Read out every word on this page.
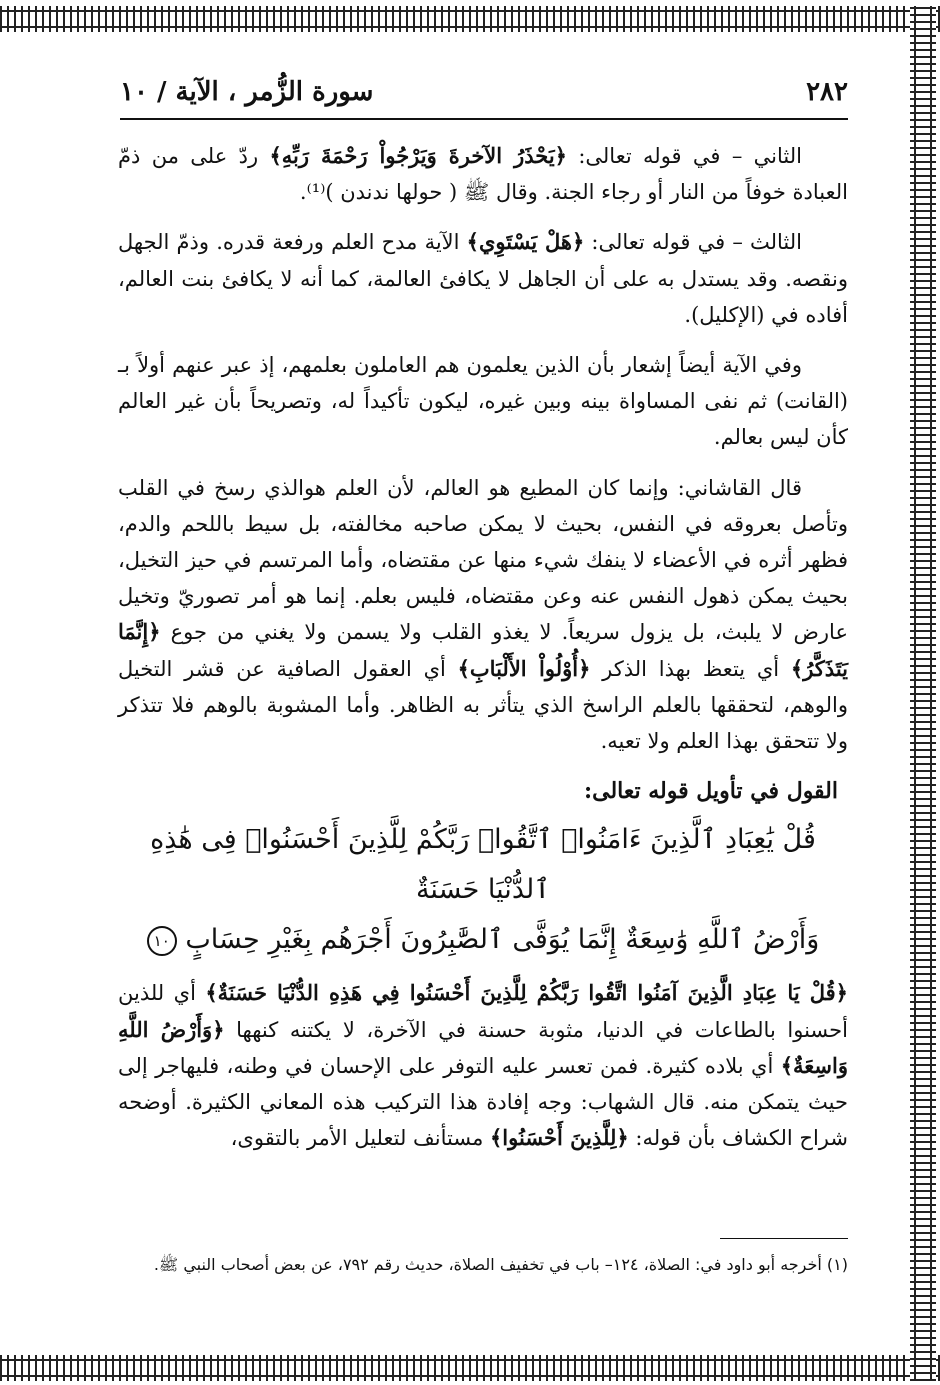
٢٨٢
سورة الزُّمر ، الآية / ١٠

الثاني – في قوله تعالى: ﴿يَحْذَرُ الآخرةَ وَيَرْجُواْ رَحْمَةَ رَبِّهِ﴾ ردّ على من ذمّ العبادة خوفاً من النار أو رجاء الجنة. وقال ﷺ ( حولها ندندن )⁽¹⁾.

الثالث – في قوله تعالى: ﴿هَلْ يَسْتَوِي﴾ الآية مدح العلم ورفعة قدره. وذمّ الجهل ونقصه. وقد يستدل به على أن الجاهل لا يكافئ العالمة، كما أنه لا يكافئ بنت العالم، أفاده في (الإكليل).

وفي الآية أيضاً إشعار بأن الذين يعلمون هم العاملون بعلمهم، إذ عبر عنهم أولاً بـ (القانت) ثم نفى المساواة بينه وبين غيره، ليكون تأكيداً له، وتصريحاً بأن غير العالم كأن ليس بعالم.

قال القاشاني: وإنما كان المطيع هو العالم، لأن العلم هوالذي رسخ في القلب وتأصل بعروقه في النفس، بحيث لا يمكن صاحبه مخالفته، بل سيط باللحم والدم، فظهر أثره في الأعضاء لا ينفك شيء منها عن مقتضاه، وأما المرتسم في حيز التخيل، بحيث يمكن ذهول النفس عنه وعن مقتضاه، فليس بعلم. إنما هو أمر تصوريّ وتخيل عارض لا يلبث، بل يزول سريعاً. لا يغذو القلب ولا يسمن ولا يغني من جوع ﴿إِنَّمَا يَتَذَكَّرُ﴾ أي يتعظ بهذا الذكر ﴿أُوْلُواْ الأَلْبَابِ﴾ أي العقول الصافية عن قشر التخيل والوهم، لتحققها بالعلم الراسخ الذي يتأثر به الظاهر. وأما المشوبة بالوهم فلا تتذكر ولا تتحقق بهذا العلم ولا تعيه.

القول في تأويل قوله تعالى:
قُلْ يَٰعِبَادِ ٱلَّذِينَ ءَامَنُوا۟ ٱتَّقُوا۟ رَبَّكُمْ لِلَّذِينَ أَحْسَنُوا۟ فِى هَٰذِهِ ٱلدُّنْيَا حَسَنَةٌ
وَأَرْضُ ٱللَّهِ وَٰسِعَةٌ إِنَّمَا يُوَفَّى ٱلصَّٰبِرُونَ أَجْرَهُم بِغَيْرِ حِسَابٍ ١٠

﴿قُلْ يَا عِبَادِ الَّذِينَ آمَنُوا اتَّقُوا رَبَّكُمْ لِلَّذِينَ أَحْسَنُوا فِي هَذِهِ الدُّنْيَا حَسَنَةٌ﴾ أي للذين أحسنوا بالطاعات في الدنيا، مثوبة حسنة في الآخرة، لا يكتنه كنهها ﴿وَأَرْضُ اللَّهِ وَاسِعَةٌ﴾ أي بلاده كثيرة. فمن تعسر عليه التوفر على الإحسان في وطنه، فليهاجر إلى حيث يتمكن منه. قال الشهاب: وجه إفادة هذا التركيب هذه المعاني الكثيرة. أوضحه شراح الكشاف بأن قوله: ﴿لِلَّذِينَ أَحْسَنُوا﴾ مستأنف لتعليل الأمر بالتقوى،

(١) أخرجه أبو داود في: الصلاة، ١٢٤– باب في تخفيف الصلاة، حديث رقم ٧٩٢، عن بعض أصحاب النبي ﷺ.
